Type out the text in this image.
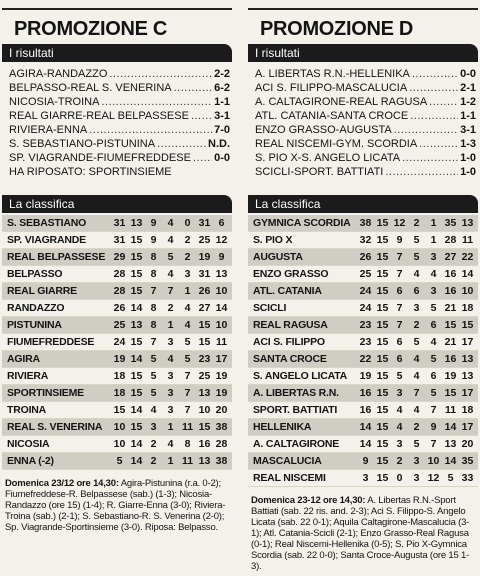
PROMOZIONE C
I risultati
AGIRA-RANDAZZO .....	2-2
BELPASSO-REAL S. VENERINA .....	6-2
NICOSIA-TROINA .....	1-1
REAL GIARRE-REAL BELPASSESE ..... 3-1
RIVIERA-ENNA .....	7-0
S. SEBASTIANO-PISTUNINA .....	N.D.
SP. VIAGRANDE-FIUMEFREDDESE ..... 0-0
HA RIPOSATO: SPORTINSIEME
La classifica
S. SEBASTIANO	31 13 9	4	0 31 6
SP. VIAGRANDE	31 15 9	4	2 25 12
REAL BELPASSESE 29 15 8	5	2 19 9
BELPASSO	28 15 8	4	3 31 13
REAL GIARRE	28 15 7	7	1 26 10
RANDAZZO	26 14 8	2	4 27 14
PISTUNINA	25 13 8	1	4 15 10
FIUMEFREDDESE	24 15 7	3	5 15 11
AGIRA	19 14 5	4	5 23 17
RIVIERA	18 15 5	3	7 25 19
SPORTINSIEME	18 15 5	3	7 13 19
TROINA	15 14 4	3	7 10 20
REAL S. VENERINA	10 15 3	1 11 15 38
NICOSIA	10 14 2	4	8 16 28
ENNA (-2)	5 14 2	1 11 13 38
Domenica 23/12 ore 14,30: Agira-Pistunina (r.a. 0-2); Fiumefreddese-R. Belpassese (sab.) (1-3); Nicosia-Randazzo (ore 15) (1-4); R. Giarre-Enna (3-0); Riviera-Troina (sab.) (2-1); S. Sebastiano-R. S. Venerina (2-0); Sp. Viagrande-Sportinsieme (3-0). Riposa: Belpasso.
PROMOZIONE D
I risultati
A. LIBERTAS R.N.-HELLENIKA .....	0-0
ACI S. FILIPPO-MASCALUCIA .....	2-1
A. CALTAGIRONE-REAL RAGUSA .....	1-2
ATL. CATANIA-SANTA CROCE .....	1-1
ENZO GRASSO-AUGUSTA .....	3-1
REAL NISCEMI-GYM. SCORDIA .....	1-3
S. PIO X-S. ANGELO LICATA .....	1-0
SCICLI-SPORT. BATTIATI .....	1-0
La classifica
GYMNICA SCORDIA 38 15 12 2	1 35 13
S. PIO X	32 15 9	5	1 28 11
AUGUSTA	26 15 7	5	3 27 22
ENZO GRASSO	25 15 7	4	4 16 14
ATL. CATANIA	24 15 6	6	3 16 10
SCICLI	24 15 7	3	5 21 18
REAL RAGUSA	23 15 7	2	6 15 15
ACI S. FILIPPO	23 15 6	5	4 21 17
SANTA CROCE	22 15 6	4	5 16 13
S. ANGELO LICATA	19 15 5	4	6 19 13
A. LIBERTAS R.N.	16 15 3	7	5 15 17
SPORT. BATTIATI	16 15 4	4	7 11 18
HELLENIKA	14 15 4	2	9 14 17
A. CALTAGIRONE	14 15 3	5	7 13 20
MASCALUCIA	9 15 2	3 10 14 35
REAL NISCEMI	3 15 0	3 12 5 33
Domenica 23-12 ore 14,30: A. Libertas R.N.-Sport Battiati (sab. 22 ris. and. 2-3); Aci S. Filippo-S. Angelo Licata (sab. 22 0-1); Aquila Caltagirone-Mascalucia (3-1); Atl. Catania-Scicli (2-1); Enzo Grasso-Real Ragusa (0-1); Real Niscemi-Hellenika (0-5); S. Pio X-Gymnica Scordia (sab. 22 0-0); Santa Croce-Augusta (ore 15 1-3).
